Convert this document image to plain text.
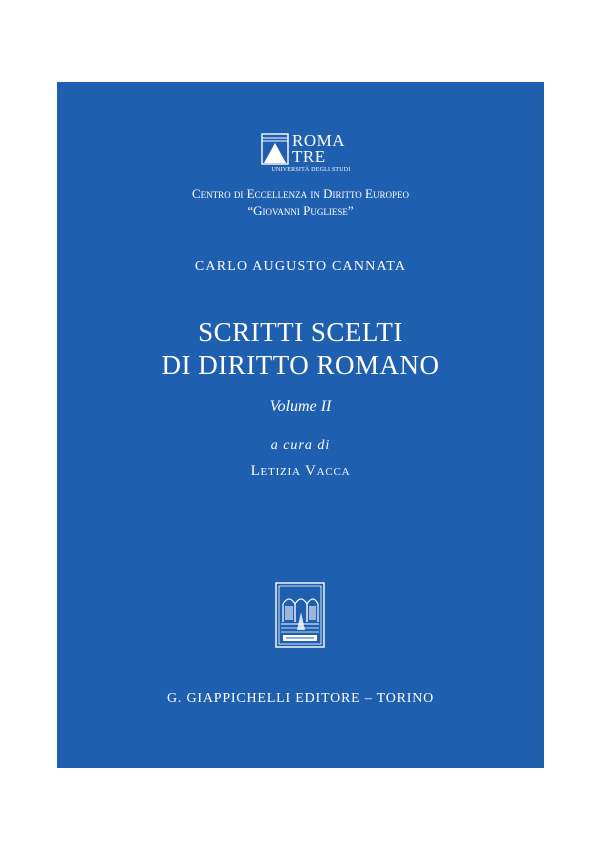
ROMA
TRE
UNIVERSITÀ DEGLI STUDI
Centro di Eccellenza in Diritto Europeo
“Giovanni Pugliese”
CARLO AUGUSTO CANNATA
SCRITTI SCELTI
DI DIRITTO ROMANO
Volume II
a cura di
Letizia Vacca
G. GIAPPICHELLI EDITORE – TORINO
